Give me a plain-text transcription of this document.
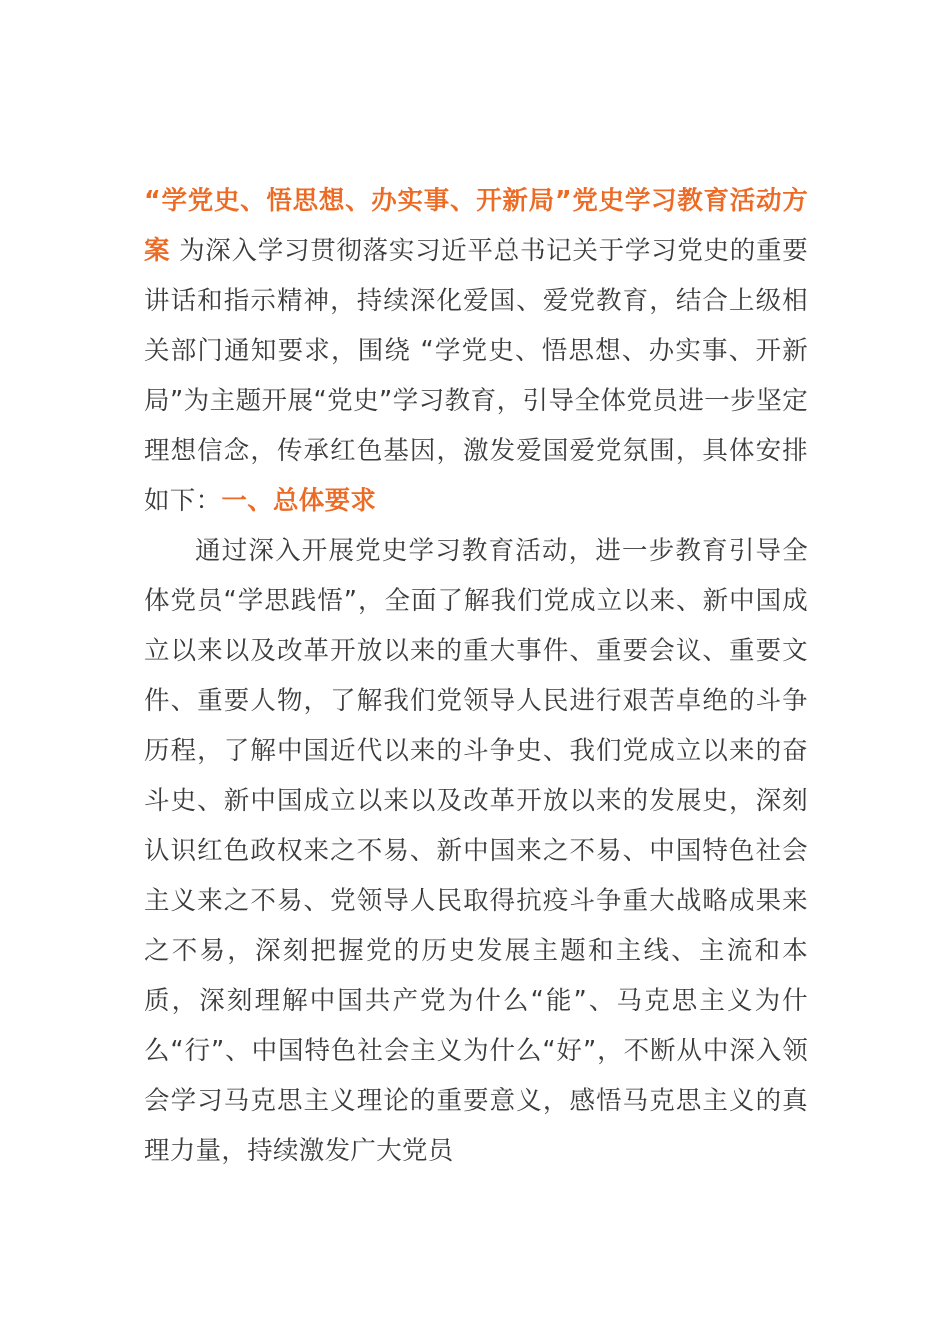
“学党史、悟思想、办实事、开新局”党史学习教育活动方案 为深入学习贯彻落实习近平总书记关于学习党史的重要讲话和指示精神，持续深化爱国、爱党教育，结合上级相关部门通知要求，围绕 “学党史、悟思想、办实事、开新局”为主题开展“党史”学习教育，引导全体党员进一步坚定理想信念，传承红色基因，激发爱国爱党氛围，具体安排如下：一、总体要求

通过深入开展党史学习教育活动，进一步教育引导全体党员“学思践悟”，全面了解我们党成立以来、新中国成立以来以及改革开放以来的重大事件、重要会议、重要文件、重要人物，了解我们党领导人民进行艰苦卓绝的斗争历程，了解中国近代以来的斗争史、我们党成立以来的奋斗史、新中国成立以来以及改革开放以来的发展史，深刻认识红色政权来之不易、新中国来之不易、中国特色社会主义来之不易、党领导人民取得抗疫斗争重大战略成果来之不易，深刻把握党的历史发展主题和主线、主流和本质，深刻理解中国共产党为什么“能”、马克思主义为什么“行”、中国特色社会主义为什么“好”，不断从中深入领会学习马克思主义理论的重要意义，感悟马克思主义的真理力量，持续激发广大党员
